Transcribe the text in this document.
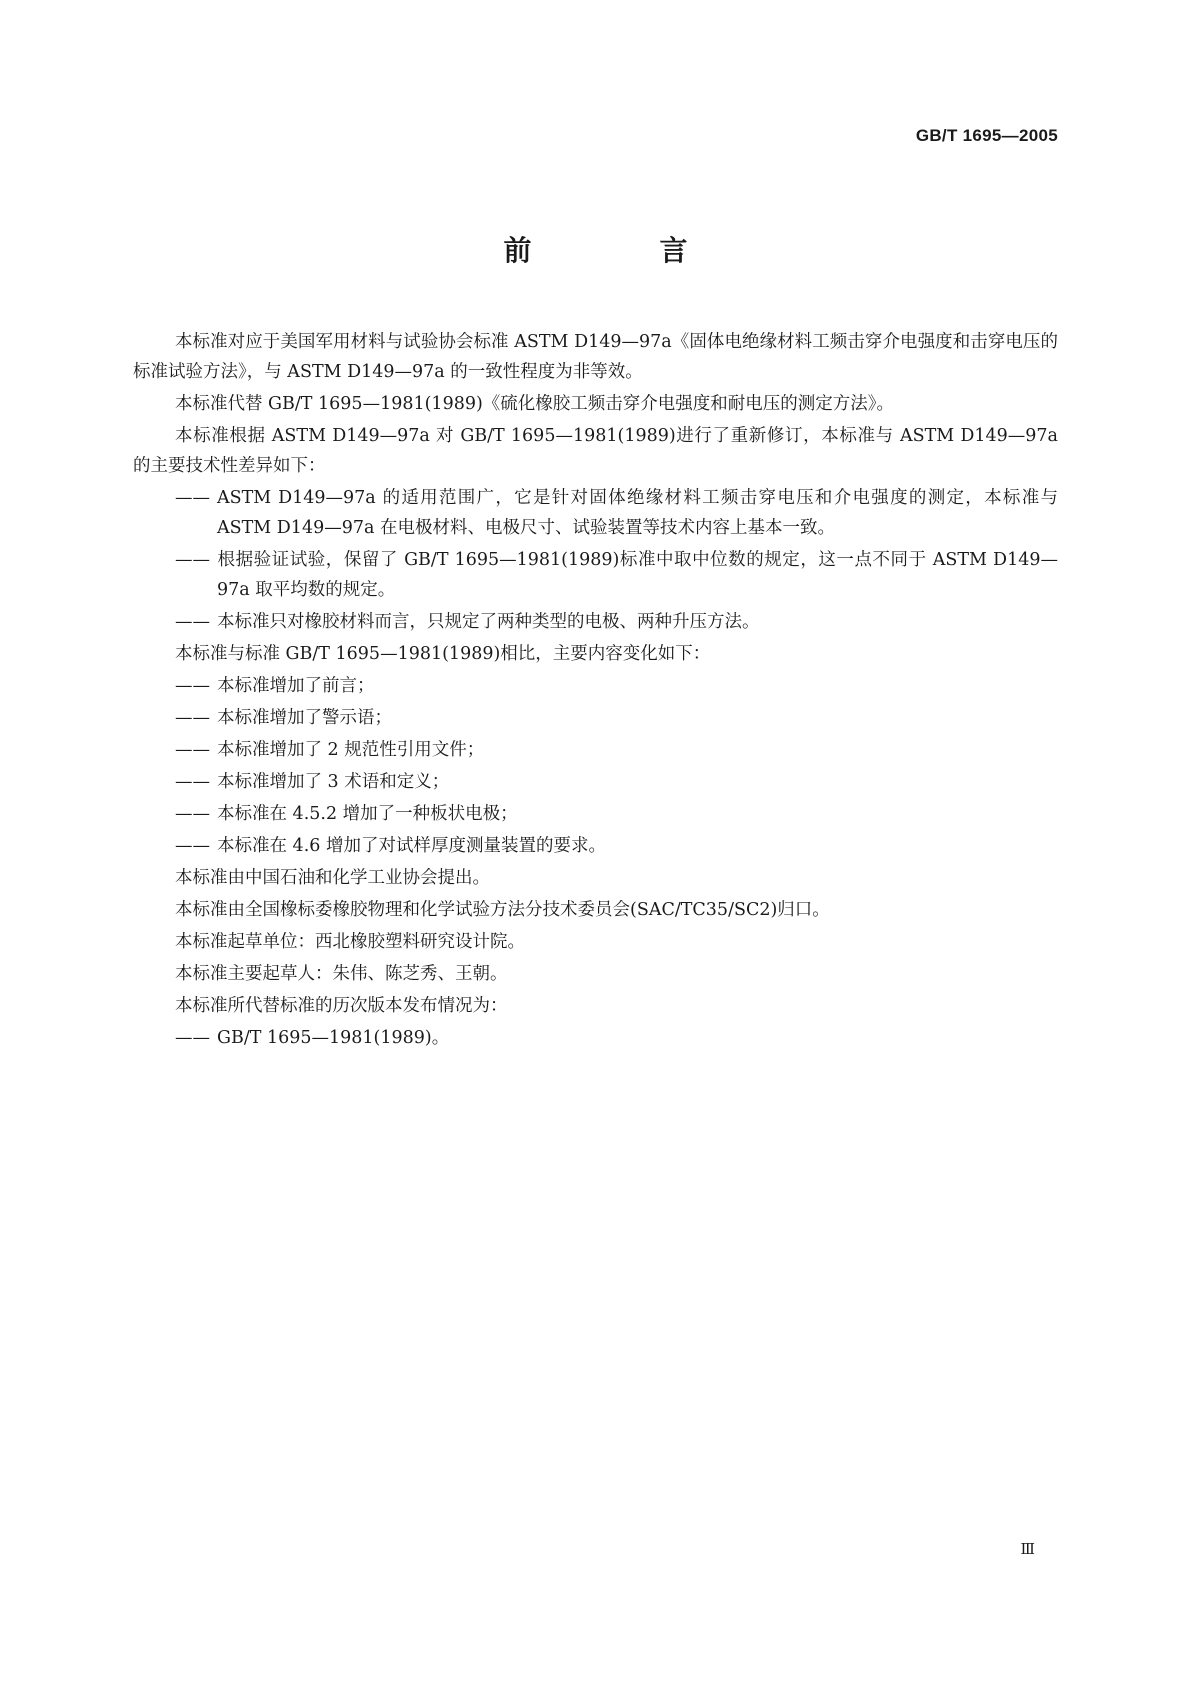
GB/T 1695—2005
前　言

本标准对应于美国军用材料与试验协会标准 ASTM D149—97a《固体电绝缘材料工频击穿介电强度和击穿电压的标准试验方法》，与 ASTM D149—97a 的一致性程度为非等效。

本标准代替 GB/T 1695—1981(1989)《硫化橡胶工频击穿介电强度和耐电压的测定方法》。

本标准根据 ASTM D149—97a 对 GB/T 1695—1981(1989)进行了重新修订，本标准与 ASTM D149—97a 的主要技术性差异如下：

—— ASTM D149—97a 的适用范围广，它是针对固体绝缘材料工频击穿电压和介电强度的测定，本标准与 ASTM D149—97a 在电极材料、电极尺寸、试验装置等技术内容上基本一致。

—— 根据验证试验，保留了 GB/T 1695—1981(1989)标准中取中位数的规定，这一点不同于 ASTM D149—97a 取平均数的规定。

—— 本标准只对橡胶材料而言，只规定了两种类型的电极、两种升压方法。

本标准与标准 GB/T 1695—1981(1989)相比，主要内容变化如下：

—— 本标准增加了前言；

—— 本标准增加了警示语；

—— 本标准增加了 2 规范性引用文件；

—— 本标准增加了 3 术语和定义；

—— 本标准在 4.5.2 增加了一种板状电极；

—— 本标准在 4.6 增加了对试样厚度测量装置的要求。

本标准由中国石油和化学工业协会提出。

本标准由全国橡标委橡胶物理和化学试验方法分技术委员会(SAC/TC35/SC2)归口。

本标准起草单位：西北橡胶塑料研究设计院。

本标准主要起草人：朱伟、陈芝秀、王朝。

本标准所代替标准的历次版本发布情况为：

—— GB/T 1695—1981(1989)。

Ⅲ
